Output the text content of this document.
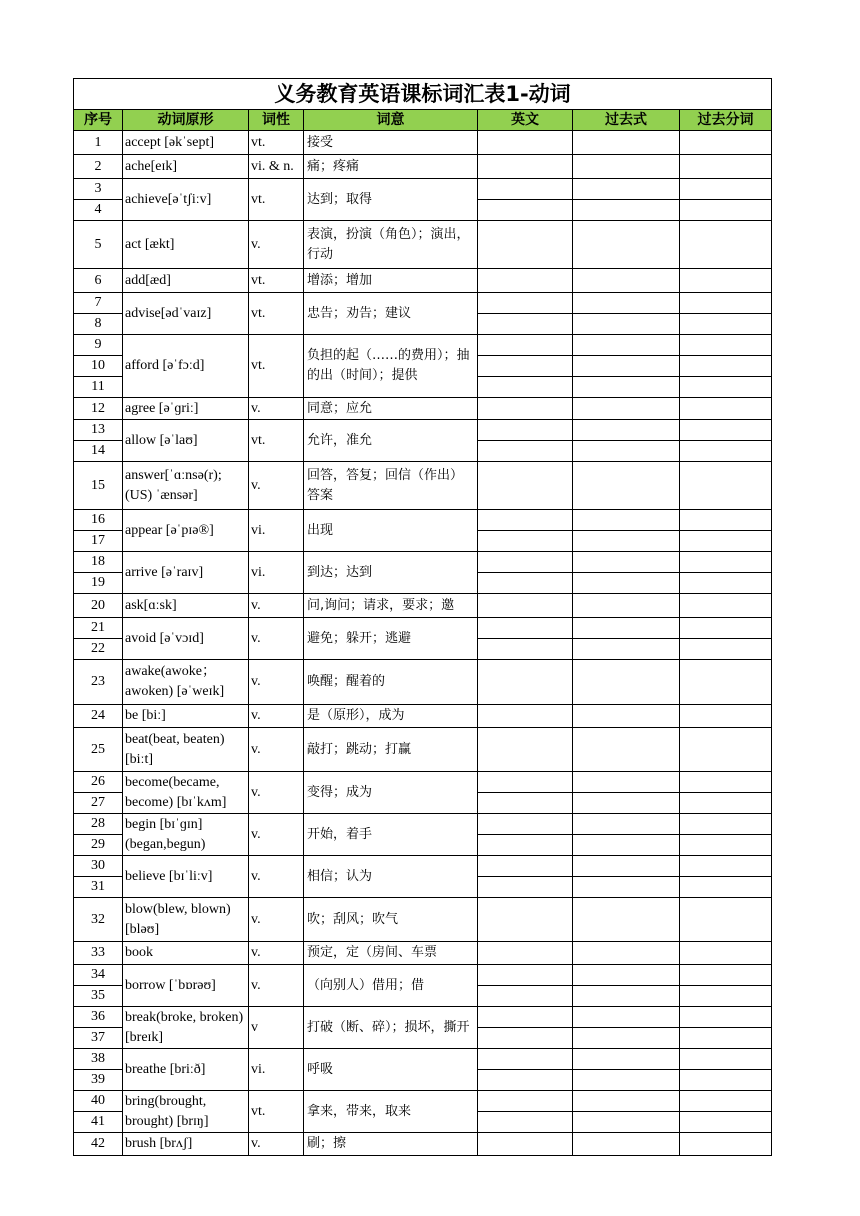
义务教育英语课标词汇表1-动词						
序号	动词原形	词性	词意	英文	过去式	过去分词
1	accept [əkˈsept]	vt.	接受			
2	ache[eɪk]	vi. & n.	痛；疼痛			
3	achieve[əˈtʃiːv]	vt.	达到；取得			
4						
5	act [ækt]	v.	表演，扮演（角色）；演出，行动			
6	add[æd]	vt.	增添；增加			
7	advise[ədˈvaɪz]	vt.	忠告；劝告；建议			
8						
9	afford [əˈfɔːd]	vt.	负担的起（……的费用）；抽的出（时间）；提供			
10						
11						
12	agree [əˈɡriː]	v.	同意；应允			
13	allow [əˈlaʊ]	vt.	允许，准允			
14						
15	answer[ˈɑːnsə(r); (US) ˈænsər]	v.	回答，答复；回信（作出）答案			
16	appear [əˈpɪə®]	vi.	出现			
17						
18	arrive [əˈraɪv]	vi.	到达；达到			
19						
20	ask[ɑːsk]	v.	问,询问；请求，要求；邀			
21	avoid [əˈvɔɪd]	v.	避免；躲开；逃避			
22						
23	awake(awoke；awoken) [əˈweɪk]	v.	唤醒；醒着的			
24	be [biː]	v.	是（原形），成为			
25	beat(beat, beaten) [biːt]	v.	敲打；跳动；打赢			
26	become(became, become) [bɪˈkʌm]	v.	变得；成为			
27						
28	begin [bɪˈɡɪn] (began,begun)	v.	开始，着手			
29						
30	believe [bɪˈliːv]	v.	相信；认为			
31						
32	blow(blew, blown) [bləʊ]	v.	吹；刮风；吹气			
33	book	v.	预定，定（房间、车票			
34	borrow [ˈbɒrəʊ]	v.	（向别人）借用；借			
35						
36	break(broke, broken) [breɪk]	v	打破（断、碎）；损坏，撕开			
37						
38	breathe [briːð]	vi.	呼吸			
39						
40	bring(brought, brought) [brɪŋ]	vt.	拿来，带来，取来			
41						
42	brush [brʌʃ]	v.	刷；擦			
